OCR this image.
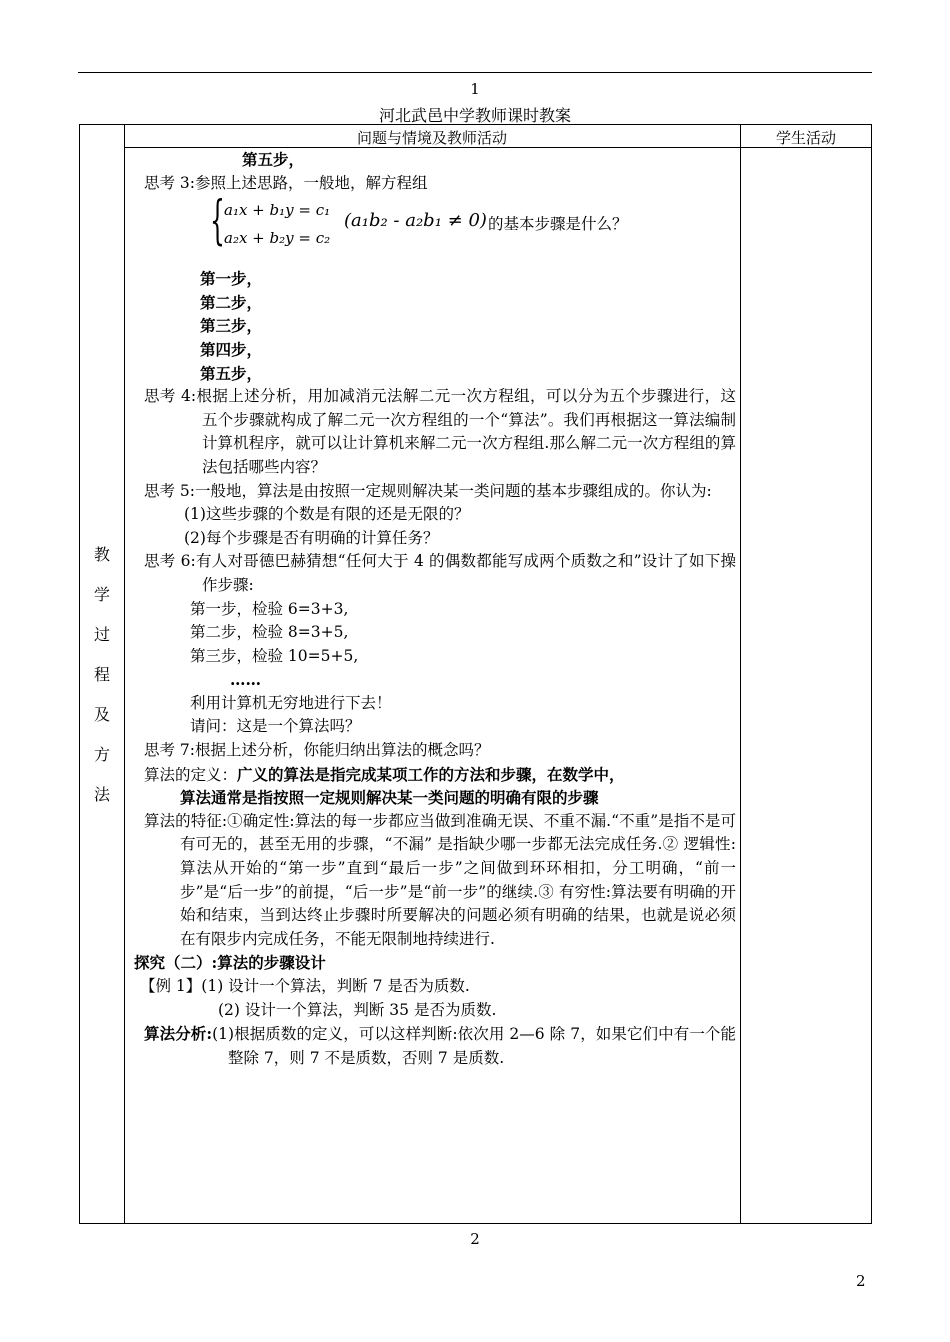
1
河北武邑中学教师课时教案
问题与情境及教师活动	学生活动
教
学
过
程
及
方
法
第五步，
思考 3:参照上述思路，一般地，解方程组
{ a₁x + b₁y = c₁
a₂x + b₂y = c₂
(a₁b₂ - a₂b₁ ≠ 0) 的基本步骤是什么？
第一步，
第二步，
第三步，
第四步，
第五步，
思考 4:根据上述分析，用加减消元法解二元一次方程组，可以分为五个步骤进行，这五个步骤就构成了解二元一次方程组的一个“算法”。我们再根据这一算法编制计算机程序，就可以让计算机来解二元一次方程组.那么解二元一次方程组的算法包括哪些内容？
思考 5:一般地，算法是由按照一定规则解决某一类问题的基本步骤组成的。你认为:
(1)这些步骤的个数是有限的还是无限的？
(2)每个步骤是否有明确的计算任务？
思考 6:有人对哥德巴赫猜想“任何大于 4 的偶数都能写成两个质数之和”设计了如下操作步骤:
第一步，检验 6=3+3,
第二步，检验 8=3+5,
第三步，检验 10=5+5,
……
利用计算机无穷地进行下去！
请问：这是一个算法吗？
思考 7:根据上述分析，你能归纳出算法的概念吗？
算法的定义：广义的算法是指完成某项工作的方法和步骤，在数学中，
算法通常是指按照一定规则解决某一类问题的明确有限的步骤
算法的特征:①确定性:算法的每一步都应当做到准确无误、不重不漏.“不重”是指不是可有可无的，甚至无用的步骤，“不漏” 是指缺少哪一步都无法完成任务.② 逻辑性:算法从开始的“第一步”直到“最后一步”之间做到环环相扣，分工明确，“前一步”是“后一步”的前提，“后一步”是“前一步”的继续.③ 有穷性:算法要有明确的开始和结束，当到达终止步骤时所要解决的问题必须有明确的结果，也就是说必须在有限步内完成任务，不能无限制地持续进行.
探究（二）:算法的步骤设计
【例 1】(1) 设计一个算法，判断 7 是否为质数.
(2) 设计一个算法，判断 35 是否为质数.
算法分析:(1)根据质数的定义，可以这样判断:依次用 2—6 除 7，如果它们中有一个能整除 7，则 7 不是质数，否则 7 是质数.
2
2
